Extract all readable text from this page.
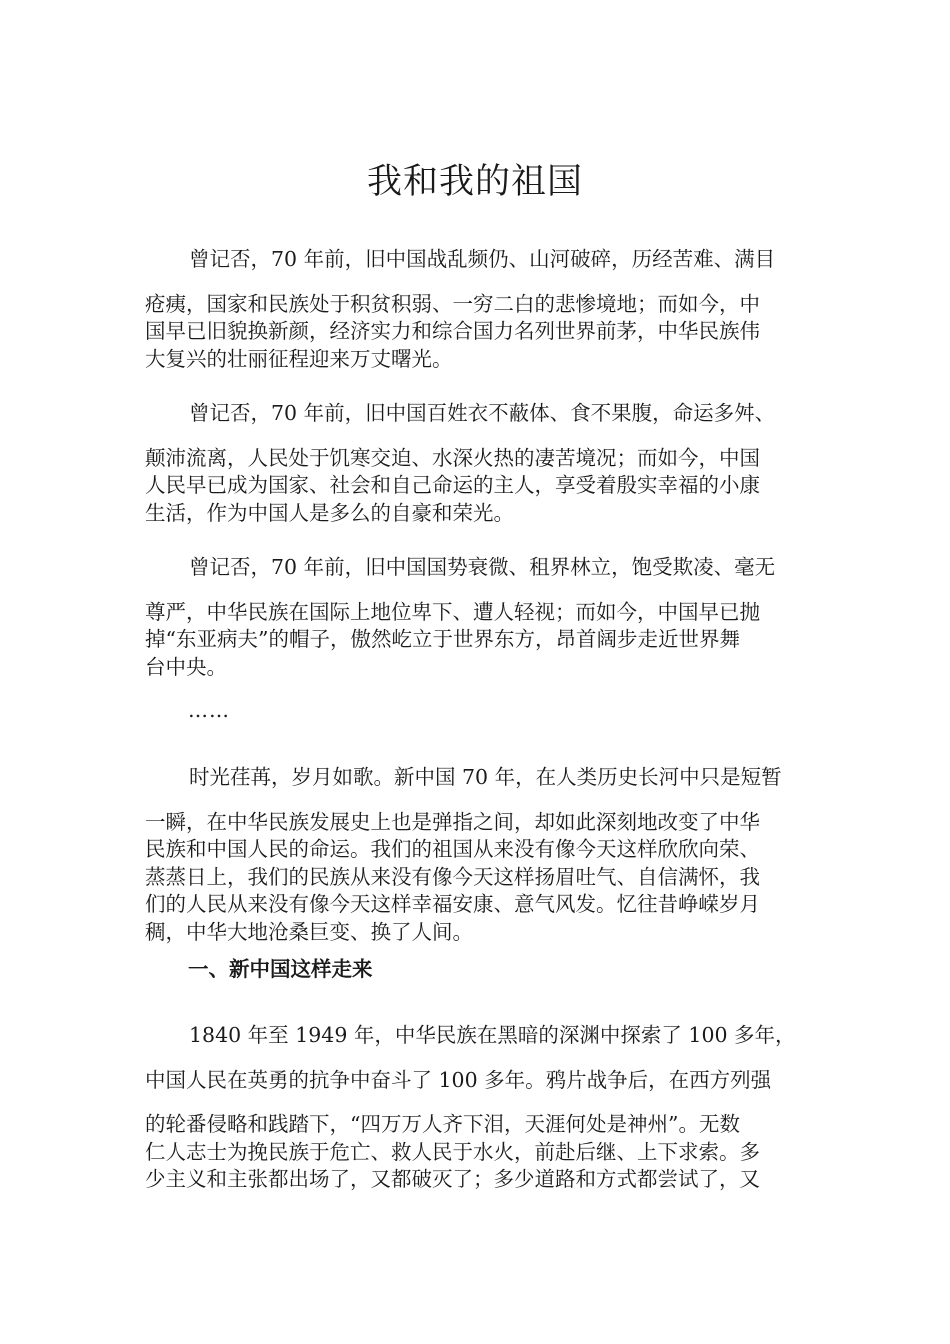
我和我的祖国
曾记否，70 年前，旧中国战乱频仍、山河破碎，历经苦难、满目
疮痍，国家和民族处于积贫积弱、一穷二白的悲惨境地；而如今，中
国早已旧貌换新颜，经济实力和综合国力名列世界前茅，中华民族伟
大复兴的壮丽征程迎来万丈曙光。
曾记否，70 年前，旧中国百姓衣不蔽体、食不果腹，命运多舛、
颠沛流离，人民处于饥寒交迫、水深火热的凄苦境况；而如今，中国
人民早已成为国家、社会和自己命运的主人，享受着殷实幸福的小康
生活，作为中国人是多么的自豪和荣光。
曾记否，70 年前，旧中国国势衰微、租界林立，饱受欺凌、毫无
尊严，中华民族在国际上地位卑下、遭人轻视；而如今，中国早已抛
掉“东亚病夫”的帽子，傲然屹立于世界东方，昂首阔步走近世界舞
台中央。

……

时光荏苒，岁月如歌。新中国 70 年，在人类历史长河中只是短暂
一瞬，在中华民族发展史上也是弹指之间，却如此深刻地改变了中华
民族和中国人民的命运。我们的祖国从来没有像今天这样欣欣向荣、
蒸蒸日上，我们的民族从来没有像今天这样扬眉吐气、自信满怀，我
们的人民从来没有像今天这样幸福安康、意气风发。忆往昔峥嵘岁月
稠，中华大地沧桑巨变、换了人间。
一、新中国这样走来
1840 年至 1949 年，中华民族在黑暗的深渊中探索了 100 多年，
中国人民在英勇的抗争中奋斗了 100 多年。鸦片战争后，在西方列强
的轮番侵略和践踏下，“四万万人齐下泪，天涯何处是神州”。无数
仁人志士为挽民族于危亡、救人民于水火，前赴后继、上下求索。多
少主义和主张都出场了，又都破灭了；多少道路和方式都尝试了，又
